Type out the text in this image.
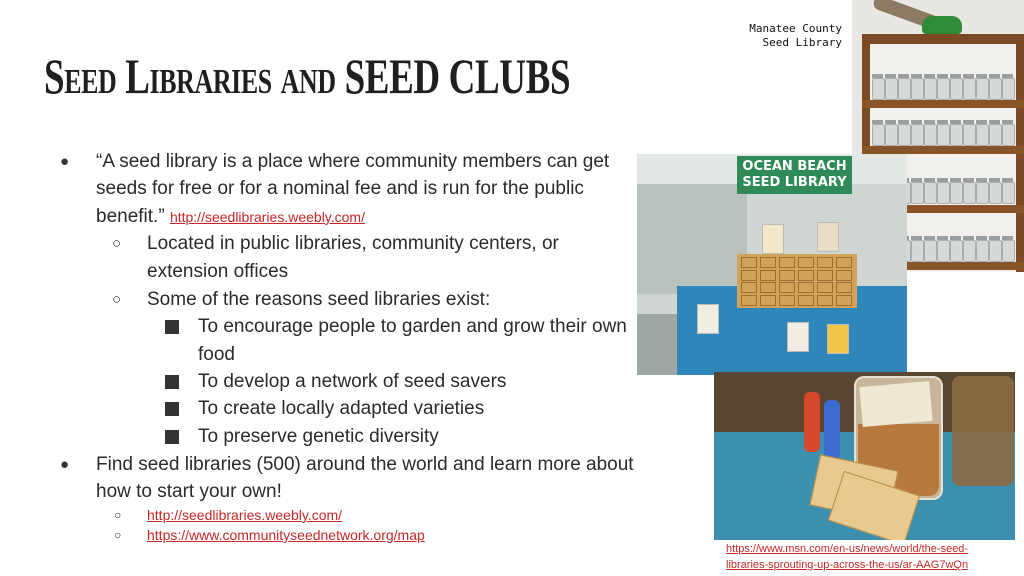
Seed Libraries and SEED CLUBS
Manatee County
Seed Library
● “A seed library is a place where community members can get
seeds for free or for a nominal fee and is run for the public
benefit.” http://seedlibraries.weebly.com/
○ Located in public libraries, community centers, or
extension offices
○ Some of the reasons seed libraries exist:
To encourage people to garden and grow their own
food
To develop a network of seed savers
To create locally adapted varieties
To preserve genetic diversity
● Find seed libraries (500) around the world and learn more about
how to start your own!
○ http://seedlibraries.weebly.com/
○ https://www.communityseednetwork.org/map
OCEAN BEACH
SEED LIBRARY
https://www.msn.com/en-us/news/world/the-seed-
libraries-sprouting-up-across-the-us/ar-AAG7wQn
